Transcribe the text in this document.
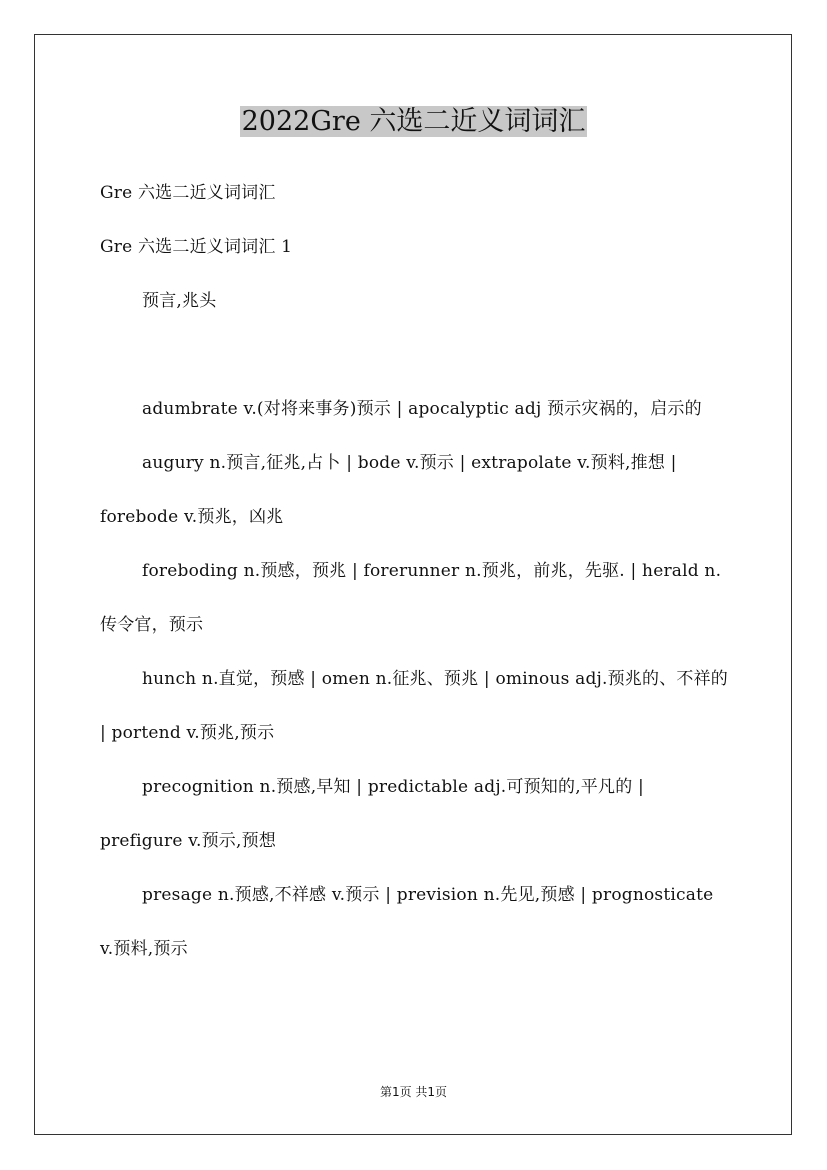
2022Gre 六选二近义词词汇

Gre 六选二近义词词汇

Gre 六选二近义词词汇 1

预言,兆头

adumbrate v.(对将来事务)预示 | apocalyptic adj 预示灾祸的，启示的

augury n.预言,征兆,占卜 | bode v.预示 | extrapolate v.预料,推想 | forebode v.预兆，凶兆

foreboding n.预感，预兆 | forerunner n.预兆，前兆，先驱. | herald n.传令官，预示

hunch n.直觉，预感 | omen n.征兆、预兆 | ominous adj.预兆的、不祥的 | portend v.预兆,预示

precognition n.预感,早知 | predictable adj.可预知的,平凡的 | prefigure v.预示,预想

presage n.预感,不祥感 v.预示 | prevision n.先见,预感 | prognosticate v.预料,预示

第1页 共1页
